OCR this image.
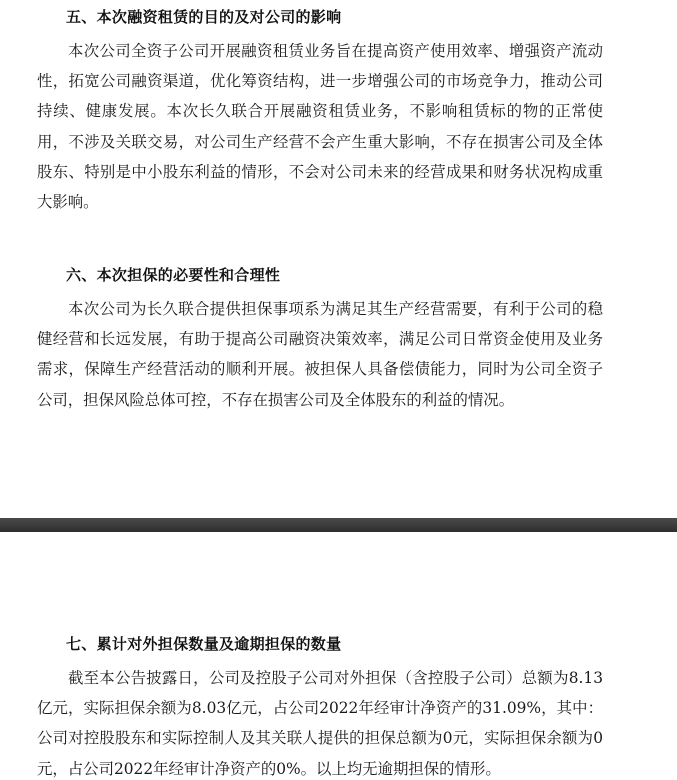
五、本次融资租赁的目的及对公司的影响

本次公司全资子公司开展融资租赁业务旨在提高资产使用效率、增强资产流动性，拓宽公司融资渠道，优化筹资结构，进一步增强公司的市场竞争力，推动公司持续、健康发展。本次长久联合开展融资租赁业务，不影响租赁标的物的正常使用，不涉及关联交易，对公司生产经营不会产生重大影响，不存在损害公司及全体股东、特别是中小股东利益的情形，不会对公司未来的经营成果和财务状况构成重大影响。

六、本次担保的必要性和合理性

本次公司为长久联合提供担保事项系为满足其生产经营需要，有利于公司的稳健经营和长远发展，有助于提高公司融资决策效率，满足公司日常资金使用及业务需求，保障生产经营活动的顺利开展。被担保人具备偿债能力，同时为公司全资子公司，担保风险总体可控，不存在损害公司及全体股东的利益的情况。

七、累计对外担保数量及逾期担保的数量

截至本公告披露日，公司及控股子公司对外担保（含控股子公司）总额为8.13亿元，实际担保余额为8.03亿元，占公司2022年经审计净资产的31.09%，其中：公司对控股股东和实际控制人及其关联人提供的担保总额为0元，实际担保余额为0元，占公司2022年经审计净资产的0%。以上均无逾期担保的情形。
